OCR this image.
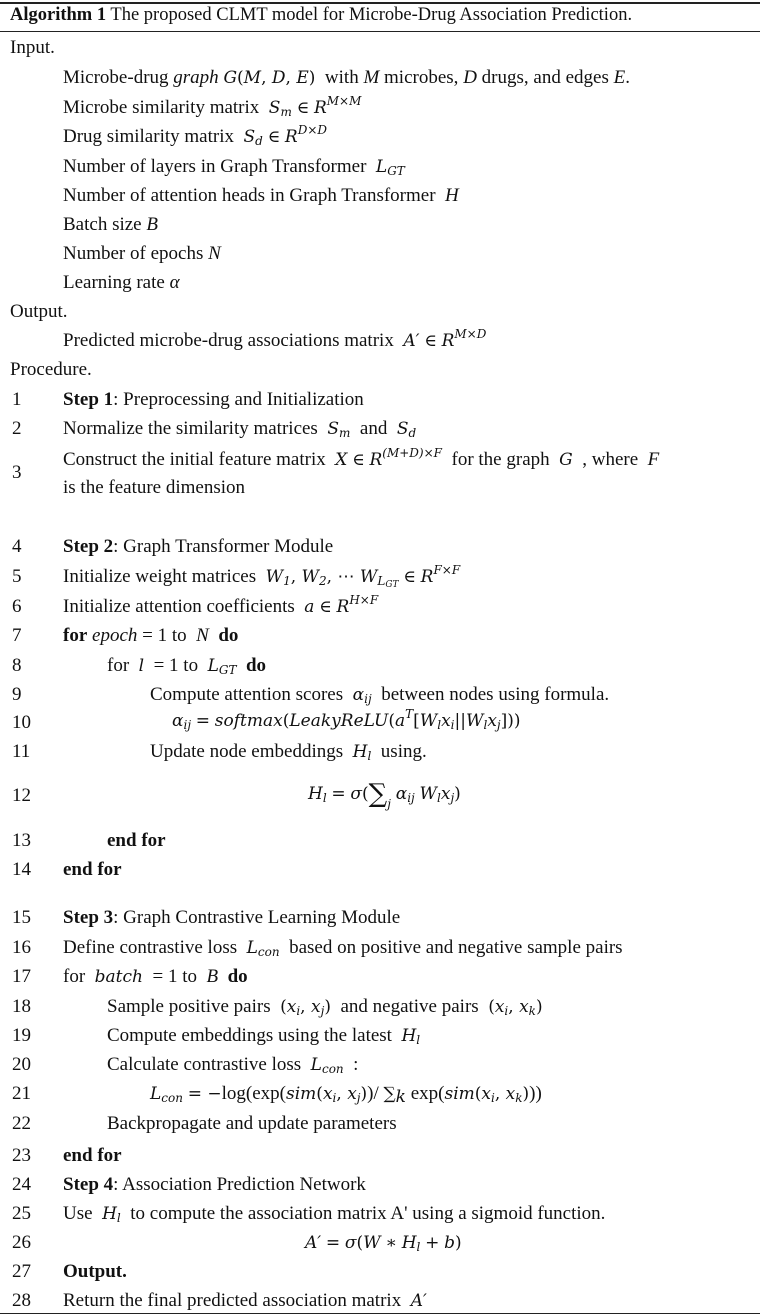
Algorithm 1 The proposed CLMT model for Microbe-Drug Association Prediction.
Input.
Microbe-drug graph G(M, D, E) with M microbes, D drugs, and edges E.
Microbe similarity matrix $S_m$ ∈ $R^{M\times M}$
Drug similarity matrix $S_d$ ∈ $R^{D\times D}$
Number of layers in Graph Transformer $L_{GT}$
Number of attention heads in Graph Transformer H
Batch size B
Number of epochs N
Learning rate α
Output.
Predicted microbe-drug associations matrix A′ ∈ $R^{M\times D}$
Procedure.
1
2
3
4
5
6
7
8
9
10
11
12
13
14
15
16
17
18
19
20
21
22
23
24
25
26
27
28
Step 1: Preprocessing and Initialization
Normalize the similarity matrices $S_m$ and $S_d$
Construct the initial feature matrix X ∈ $R^{(M+D)\times F}$ for the graph G , where F
is the feature dimension
Step 2: Graph Transformer Module
Initialize weight matrices $W_1$, $W_2$, ⋯ $W_{L_{GT}}$ ∈ $R^{F\times F}$
Initialize attention coefficients a ∈ $R^{H\times F}$
for epoch = 1 to N do
for l = 1 to $L_{GT}$ do
Compute attention scores $\alpha_{ij}$ between nodes using formula.
$\alpha_{ij}$ = $softmax(LeakyReLU(a^T[W_lx_i||W_lx_j]))$
Update node embeddings $H_l$ using.
$H_l = \sigma(\sum_j$ $\alpha_{ij}$ $W_lx_j$)
end for
end for
Step 3: Graph Contrastive Learning Module
Define contrastive loss $L_{con}$ based on positive and negative sample pairs
for batch = 1 to B do
Sample positive pairs ($x_i$, $x_j$) and negative pairs ($x_i$, $x_k$)
Compute embeddings using the latest $H_l$
Calculate contrastive loss $L_{con}$ :
$L_{con} = -\log(\exp(sim(x_i$, $x_j))/$ $\sum_k$ $\exp(sim(x_i$, $x_k$)))
Backpropagate and update parameters
end for
Step 4: Association Prediction Network
Use $H_l$ to compute the association matrix A' using a sigmoid function.
A′ = σ(W ∗ $H_l + b$)
Output.
Return the final predicted association matrix A′
